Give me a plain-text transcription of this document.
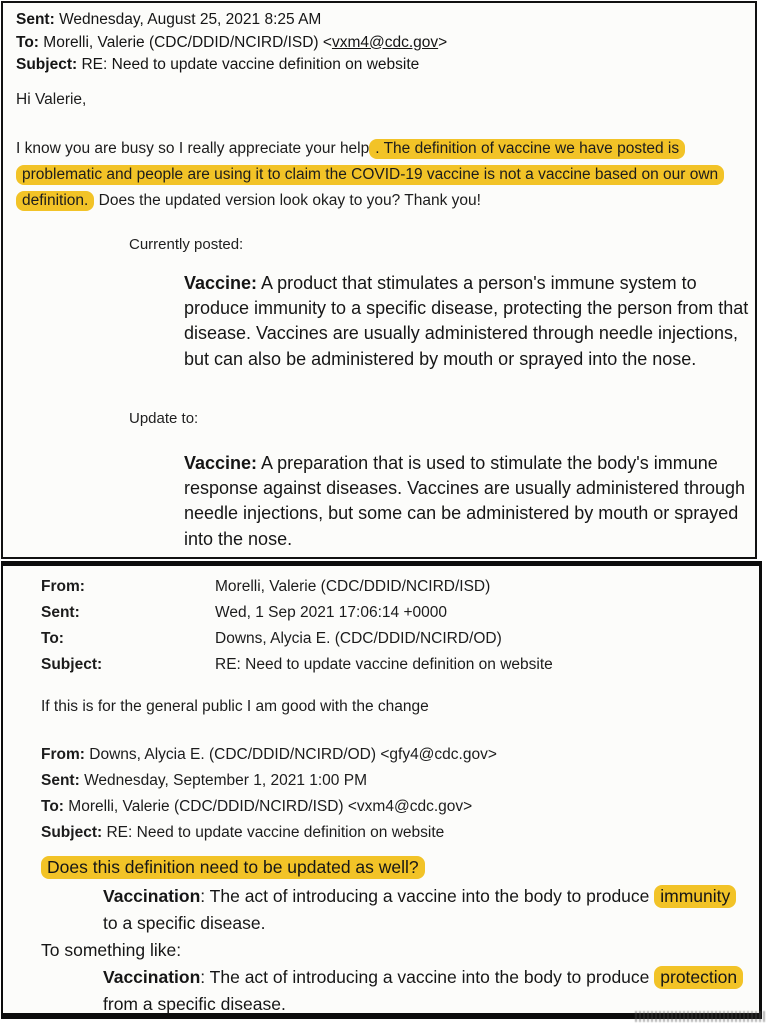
Sent: Wednesday, August 25, 2021 8:25 AM
To: Morelli, Valerie (CDC/DDID/NCIRD/ISD) <vxm4@cdc.gov>
Subject: RE: Need to update vaccine definition on website
Hi Valerie,
I know you are busy so I really appreciate your help . The definition of vaccine we have posted is problematic and people are using it to claim the COVID-19 vaccine is not a vaccine based on our own definition. Does the updated version look okay to you? Thank you!
Currently posted:
Vaccine: A product that stimulates a person's immune system to produce immunity to a specific disease, protecting the person from that disease. Vaccines are usually administered through needle injections, but can also be administered by mouth or sprayed into the nose.
Update to:
Vaccine: A preparation that is used to stimulate the body's immune response against diseases. Vaccines are usually administered through needle injections, but some can be administered by mouth or sprayed into the nose.
From:	Morelli, Valerie (CDC/DDID/NCIRD/ISD)
Sent:	Wed, 1 Sep 2021 17:06:14 +0000
To:	Downs, Alycia E. (CDC/DDID/NCIRD/OD)
Subject:	RE: Need to update vaccine definition on website
If this is for the general public I am good with the change
From: Downs, Alycia E. (CDC/DDID/NCIRD/OD) <gfy4@cdc.gov>
Sent: Wednesday, September 1, 2021 1:00 PM
To: Morelli, Valerie (CDC/DDID/NCIRD/ISD) <vxm4@cdc.gov>
Subject: RE: Need to update vaccine definition on website
Does this definition need to be updated as well?
Vaccination: The act of introducing a vaccine into the body to produce immunity to a specific disease.
To something like:
Vaccination: The act of introducing a vaccine into the body to produce protection from a specific disease.
